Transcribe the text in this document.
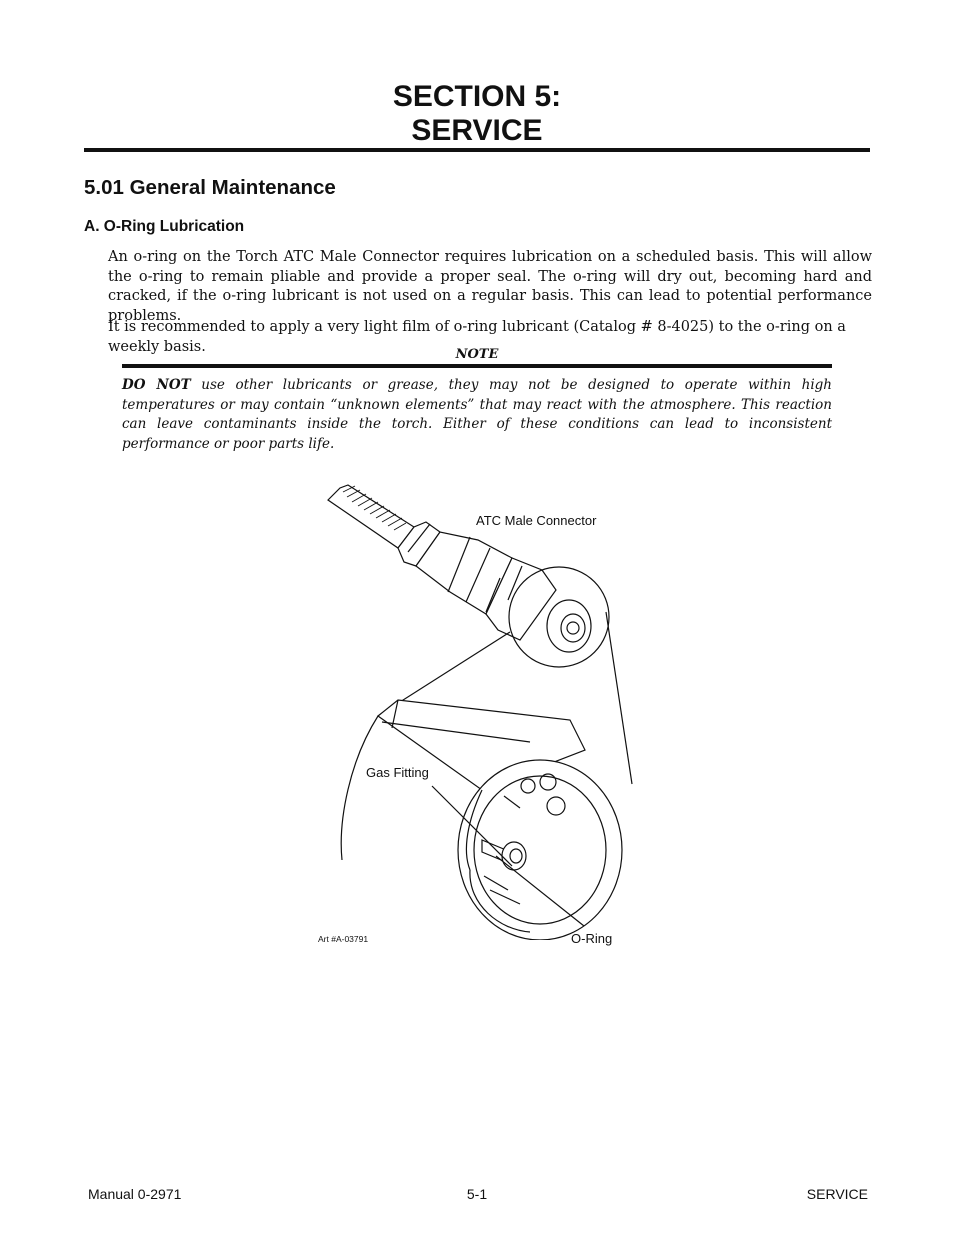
SECTION 5:
SERVICE
5.01 General Maintenance
A. O-Ring Lubrication
An o-ring on the Torch ATC Male Connector requires lubrication on a scheduled basis. This will allow the o-ring to remain pliable and provide a proper seal. The o-ring will dry out, becoming hard and cracked, if the o-ring lubricant is not used on a regular basis. This can lead to potential performance problems.
It is recommended to apply a very light film of o-ring lubricant (Catalog # 8-4025) to the o-ring on a weekly basis.	NOTE
DO NOT use other lubricants or grease, they may not be designed to operate within high temperatures or may contain “unknown elements” that may react with the atmosphere. This reaction can leave contaminants inside the torch. Either of these conditions can lead to inconsistent performance or poor parts life.
ATC Male Connector
Gas Fitting
O-Ring
Art #A-03791
Manual 0-2971	5-1	SERVICE
